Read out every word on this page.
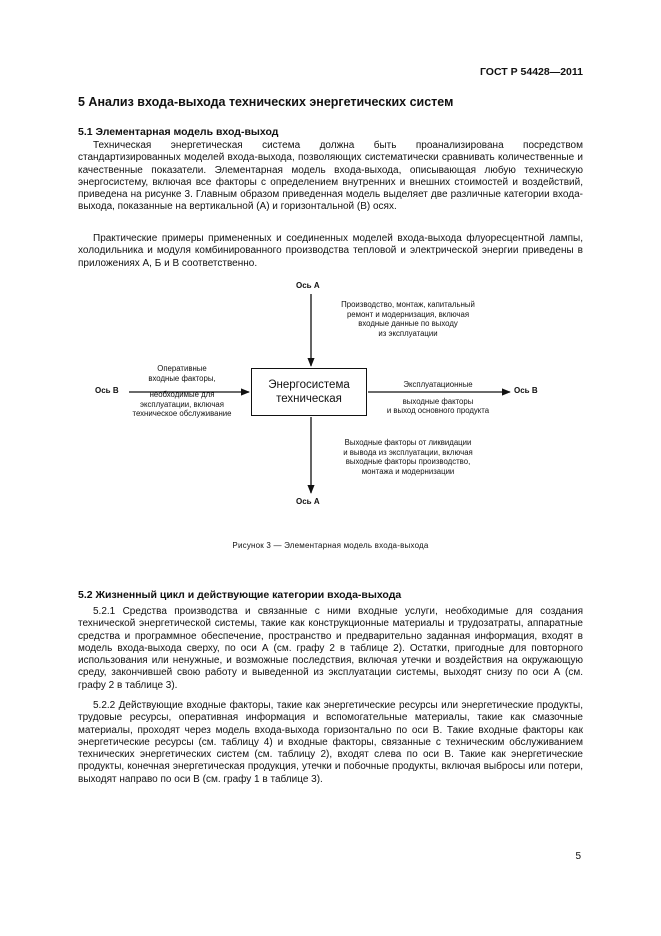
ГОСТ Р 54428—2011
5 Анализ входа-выхода технических энергетических систем
5.1 Элементарная модель вход-выход

Техническая энергетическая система должна быть проанализирована посредством стандартизированных моделей входа-выхода, позволяющих систематически сравнивать количественные и качественные показатели. Элементарная модель входа-выхода, описывающая любую техническую энергосистему, включая все факторы с определением внутренних и внешних стоимостей и воздействий, приведена на рисунке 3. Главным образом приведенная модель выделяет две различные категории входа-выхода, показанные на вертикальной (А) и горизонтальной (В) осях.

Практические примеры примененных и соединенных моделей входа-выхода флуоресцентной лампы, холодильника и модуля комбинированного производства тепловой и электрической энергии приведены в приложениях А, Б и В соответственно.

Ось А
Ось А
Ось В	Ось В
Энергосистема
техническая
Производство, монтаж, капитальный
ремонт и модернизация, включая
входные данные по выходу
из эксплуатации
Оперативные
входные факторы,
необходимые для
эксплуатации, включая
техническое обслуживание
Эксплуатационные
выходные факторы
и выход основного продукта
Выходные факторы от ликвидации
и вывода из эксплуатации, включая
выходные факторы производство,
монтажа и модернизации
Рисунок 3 — Элементарная модель входа-выхода
5.2 Жизненный цикл и действующие категории входа-выхода

5.2.1 Средства производства и связанные с ними входные услуги, необходимые для создания технической энергетической системы, такие как конструкционные материалы и трудозатраты, аппаратные средства и программное обеспечение, пространство и предварительно заданная информация, входят в модель входа-выхода сверху, по оси А (см. графу 2 в таблице 2). Остатки, пригодные для повторного использования или ненужные, и возможные последствия, включая утечки и воздействия на окружающую среду, закончившей свою работу и выведенной из эксплуатации системы, выходят снизу по оси А (см. графу 2 в таблице 3).

5.2.2 Действующие входные факторы, такие как энергетические ресурсы или энергетические продукты, трудовые ресурсы, оперативная информация и вспомогательные материалы, такие как смазочные материалы, проходят через модель входа-выхода горизонтально по оси В. Такие входные факторы как энергетические ресурсы (см. таблицу 4) и входные факторы, связанные с техническим обслуживанием технических энергетических систем (см. таблицу 2), входят слева по оси В. Такие как энергетические продукты, конечная энергетическая продукция, утечки и побочные продукты, включая выбросы или потери, выходят направо по оси В (см. графу 1 в таблице 3).

5
